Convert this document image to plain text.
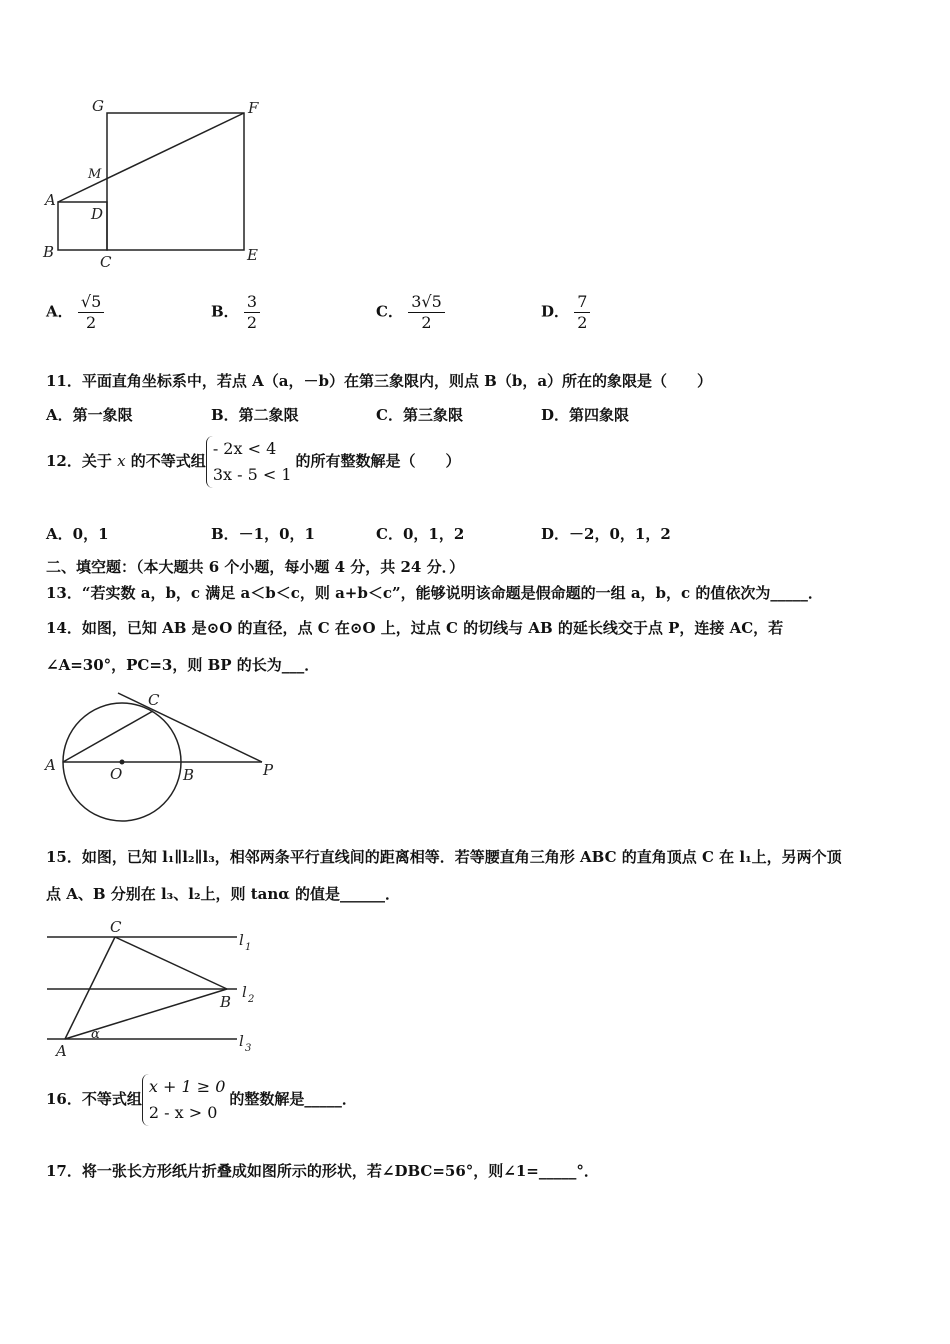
G	F
M
A
D
B
C	E
A． $\frac{√5}{2}$	B． $\frac{3}{2}$	C． $\frac{3√5}{2}$	D． $\frac{7}{2}$
11．平面直角坐标系中，若点 A（a，－b）在第三象限内，则点 B（b，a）所在的象限是（　　）
A．第一象限	B．第二象限	C．第三象限	D．第四象限
12．关于 x 的不等式组
- 2x < 4
3x - 5 < 1
的所有整数解是（　　）
A．0，1	B．－1，0，1	C．0，1，2	D．－2，0，1，2
二、填空题：（本大题共 6 个小题，每小题 4 分，共 24 分．）
13．“若实数 a，b，c 满足 a＜b＜c，则 a+b＜c”，能够说明该命题是假命题的一组 a，b，c 的值依次为_____．
14．如图，已知 AB 是⊙O 的直径，点 C 在⊙O 上，过点 C 的切线与 AB 的延长线交于点 P，连接 AC，若
∠A=30°，PC=3，则 BP 的长为___．
C
A	O	B	P
15．如图，已知 l₁∥l₂∥l₃，相邻两条平行直线间的距离相等．若等腰直角三角形 ABC 的直角顶点 C 在 l₁上，另两个顶
点 A、B 分别在 l₃、l₂上，则 tanα 的值是______．
C
B
A
α
l 1
l 2
l 3
16．不等式组
x + 1 ≥ 0
2 - x > 0
的整数解是_____．
17．将一张长方形纸片折叠成如图所示的形状，若∠DBC=56°，则∠1=_____°．
